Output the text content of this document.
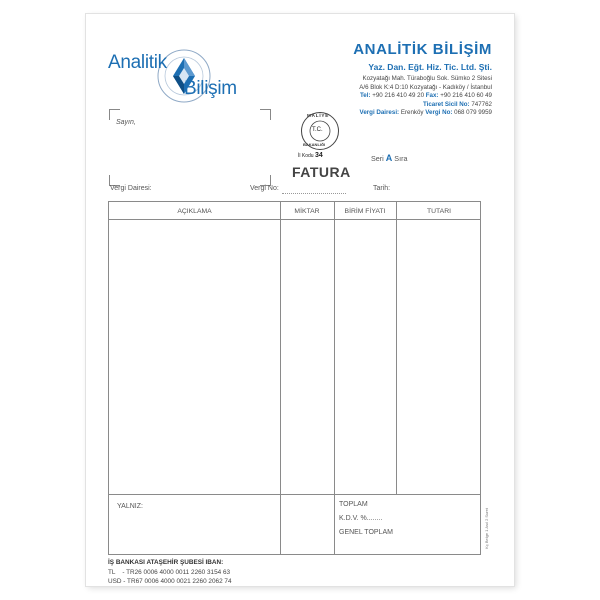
Analitik
Bilişim
ANALİTİK BİLİŞİM
Yaz. Dan. Eğt. Hiz. Tic. Ltd. Şti.
Kozyatağı Mah. Türaboğlu Sok. Sümko 2 Sitesi
A/6 Blok K:4 D:10 Kozyatağı - Kadıköy / İstanbul
Tel: +90 216 410 49 20 Fax: +90 216 410 60 49
Ticaret Sicil No: 747762
Vergi Dairesi: Erenköy Vergi No: 068 079 9959
Sayın,
MALİYE
T.C.
BAKANLIĞI
İl Kodu 34	Seri A Sıra
FATURA
Vergi Dairesi:	Vergi No:	Tarih:
AÇIKLAMA	MİKTAR	BİRİM FİYATI	TUTARI
YALNIZ:	TOPLAM
K.D.V. %........
GENEL TOPLAM	Kç Belge 1 Asıl 2 Suret
İŞ BANKASI ATAŞEHİR ŞUBESİ IBAN:
TL    - TR26 0006 4000 0011 2260 3154 63
USD - TR67 0006 4000 0021 2260 2062 74
